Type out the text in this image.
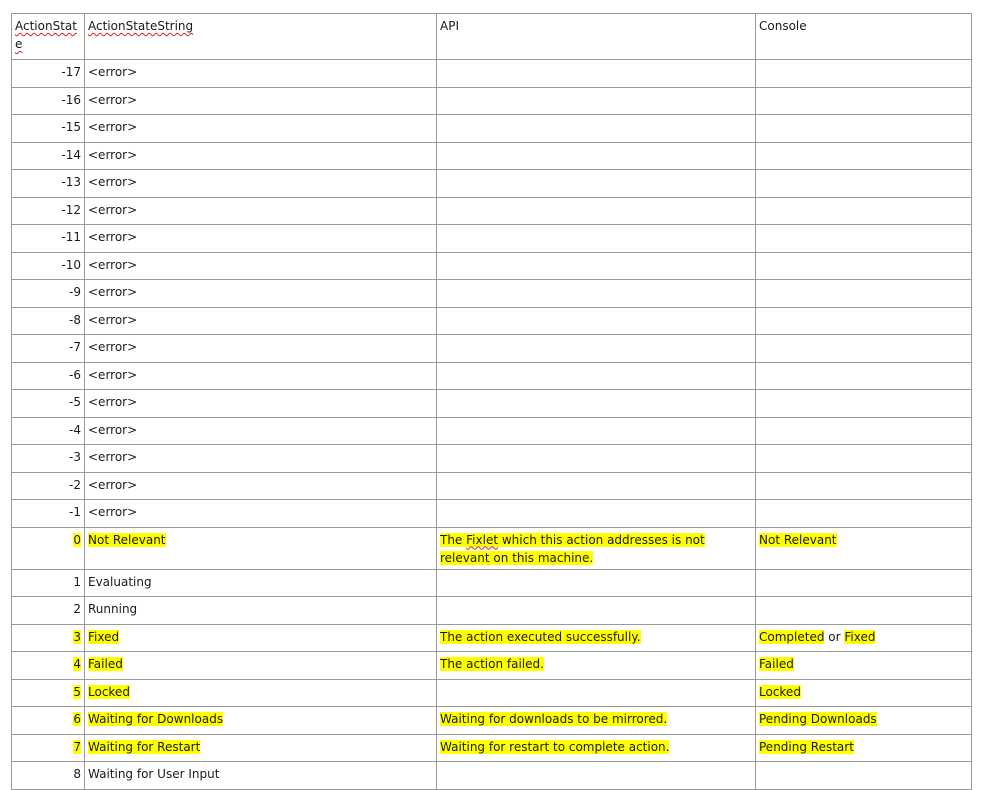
ActionState	ActionStateString	API	Console
-17	<error>		
-16	<error>		
-15	<error>		
-14	<error>		
-13	<error>		
-12	<error>		
-11	<error>		
-10	<error>		
-9	<error>		
-8	<error>		
-7	<error>		
-6	<error>		
-5	<error>		
-4	<error>		
-3	<error>		
-2	<error>		
-1	<error>		
0	Not Relevant	The Fixlet which this action addresses is not relevant on this machine.	Not Relevant
1	Evaluating		
2	Running		
3	Fixed	The action executed successfully.	Completed or Fixed
4	Failed	The action failed.	Failed
5	Locked		Locked
6	Waiting for Downloads	Waiting for downloads to be mirrored.	Pending Downloads
7	Waiting for Restart	Waiting for restart to complete action.	Pending Restart
8	Waiting for User Input		
